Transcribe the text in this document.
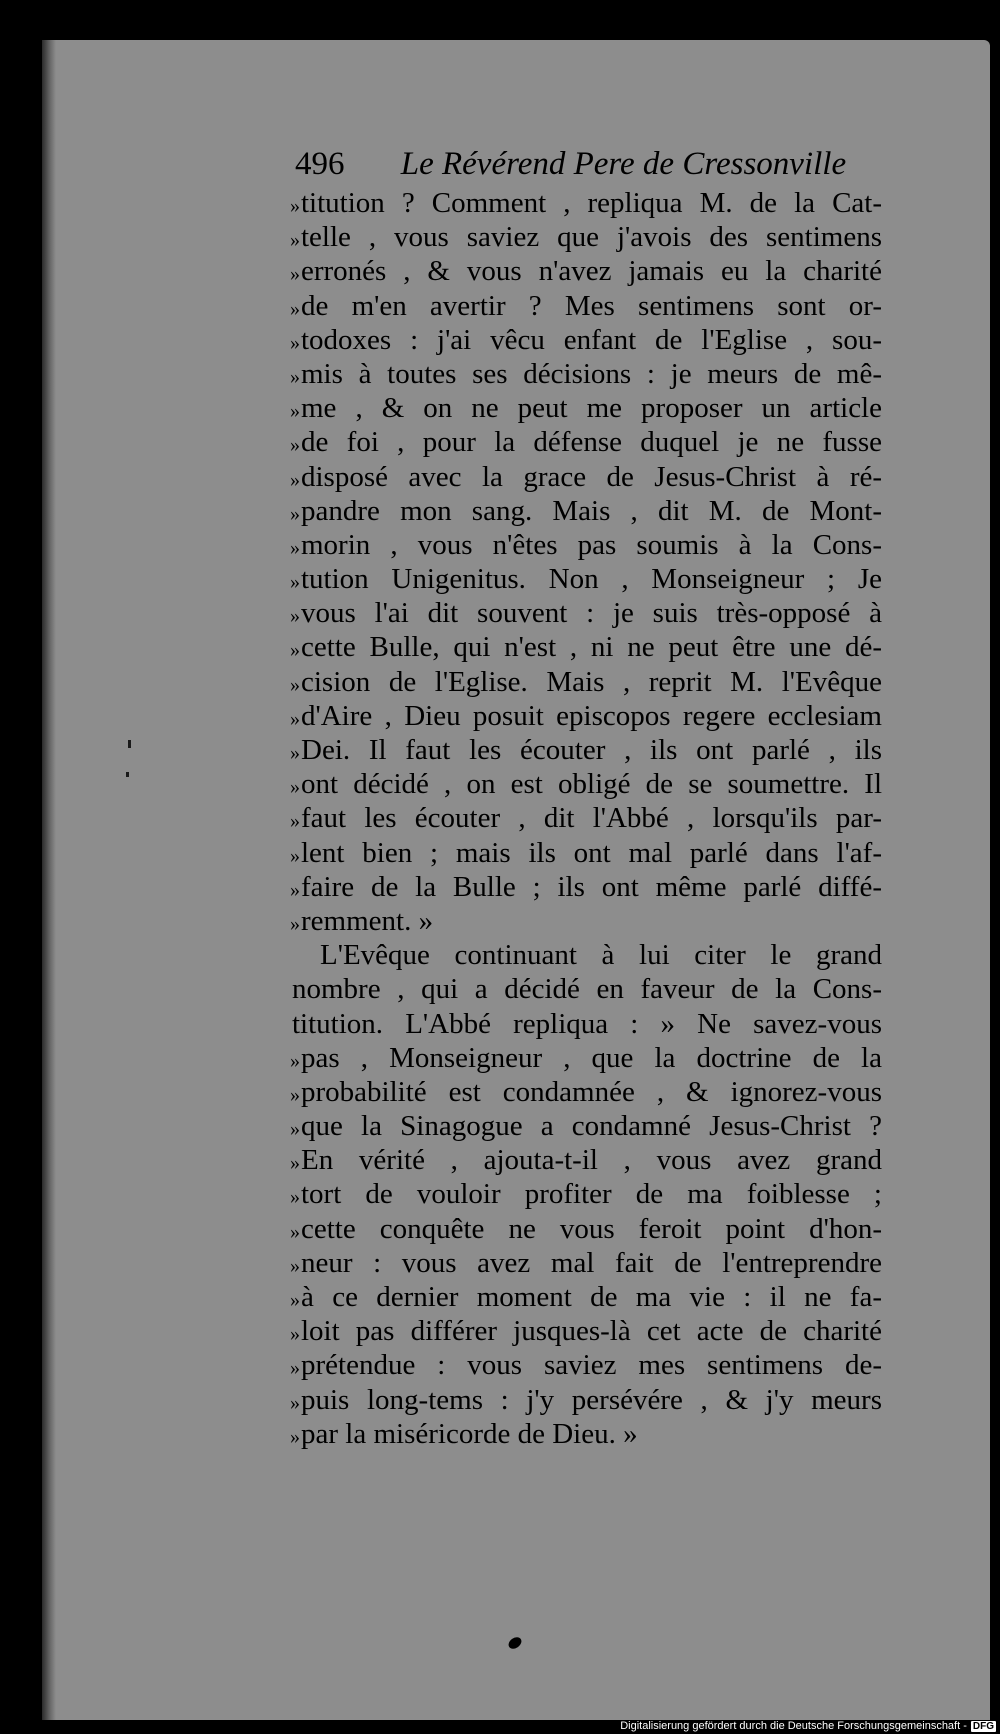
496 Le Révérend Pere de Cressonville
»titution ? Comment , repliqua M. de la Cat-
»telle , vous saviez que j'avois des sentimens
»erronés , & vous n'avez jamais eu la charité
»de m'en avertir ? Mes sentimens sont or-
»todoxes : j'ai vêcu enfant de l'Eglise , sou-
»mis à toutes ses décisions : je meurs de mê-
»me , & on ne peut me proposer un article
»de foi , pour la défense duquel je ne fusse
»disposé avec la grace de Jesus-Christ à ré-
»pandre mon sang. Mais , dit M. de Mont-
»morin , vous n'êtes pas soumis à la Cons-
»tution Unigenitus. Non , Monseigneur ; Je
»vous l'ai dit souvent : je suis très-opposé à
»cette Bulle, qui n'est , ni ne peut être une dé-
»cision de l'Eglise. Mais , reprit M. l'Evêque
»d'Aire , Dieu posuit episcopos regere ecclesiam
»Dei. Il faut les écouter , ils ont parlé , ils
»ont décidé , on est obligé de se soumettre. Il
»faut les écouter , dit l'Abbé , lorsqu'ils par-
»lent bien ; mais ils ont mal parlé dans l'af-
»faire de la Bulle ; ils ont même parlé diffé-
»remment. »
L'Evêque continuant à lui citer le grand
nombre , qui a décidé en faveur de la Cons-
titution. L'Abbé repliqua : » Ne savez-vous
»pas , Monseigneur , que la doctrine de la
»probabilité est condamnée , & ignorez-vous
»que la Sinagogue a condamné Jesus-Christ ?
»En vérité , ajouta-t-il , vous avez grand
»tort de vouloir profiter de ma foiblesse ;
»cette conquête ne vous feroit point d'hon-
»neur : vous avez mal fait de l'entreprendre
»à ce dernier moment de ma vie : il ne fa-
»loit pas différer jusques-là cet acte de charité
»prétendue : vous saviez mes sentimens de-
»puis long-tems : j'y persévére , & j'y meurs
»par la miséricorde de Dieu. »
Digitalisierung gefördert durch die Deutsche Forschungsgemeinschaft - DFG
